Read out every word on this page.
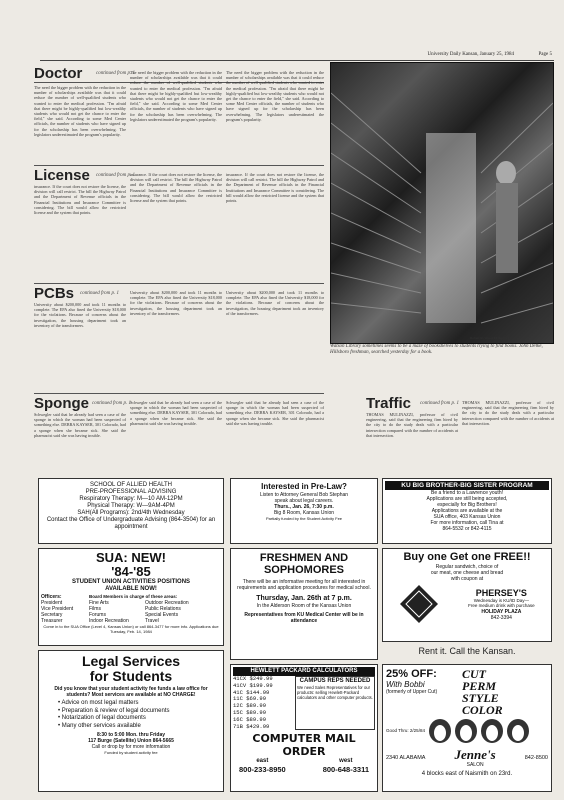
University Daily Kansan, January 25, 1984	Page 5
Doctor	continued from p. 1
The need the bigger problem with the reduction in the number of scholarships available was that it could reduce the number of well-qualified students who wanted to enter the medical profession. "I'm afraid that there might be highly-qualified but low-wealthy students who would not get the chance to enter the field," she said. According to some Med Center officials, the number of students who have signed up for the scholarship has been overwhelming. The legislators underestimated the program's popularity.
The need the bigger problem with the reduction in the number of scholarships available was that it could reduce the number of well-qualified students who wanted to enter the medical profession. "I'm afraid that there might be highly-qualified but low-wealthy students who would not get the chance to enter the field," she said. According to some Med Center officials, the number of students who have signed up for the scholarship has been overwhelming. The legislators underestimated the program's popularity.
The need the bigger problem with the reduction in the number of scholarships available was that it could reduce the number of well-qualified students who wanted to enter the medical profession. "I'm afraid that there might be highly-qualified but low-wealthy students who would not get the chance to enter the field," she said. According to some Med Center officials, the number of students who have signed up for the scholarship has been overwhelming. The legislators underestimated the program's popularity.
License continued from p. 1
insurance. If the court does not restore the license, the division will call restrict. The bill the Highway Patrol and the Department of Revenue officials in the Financial Institutions and Insurance Committee is considering. The bill would allow the restricted license and the system that points.
insurance. If the court does not restore the license, the division will call restrict. The bill the Highway Patrol and the Department of Revenue officials in the Financial Institutions and Insurance Committee is considering. The bill would allow the restricted license and the system that points.
insurance. If the court does not restore the license, the division will call restrict. The bill the Highway Patrol and the Department of Revenue officials in the Financial Institutions and Insurance Committee is considering. The bill would allow the restricted license and the system that points.
PCBs continued from p. 1
University about $200,000 and took 11 months to complete. The EPA also fined the University $18,000 for the violations. Because of concerns about the investigation, the housing department took an inventory of the transformers.
University about $200,000 and took 11 months to complete. The EPA also fined the University $18,000 for the violations. Because of concerns about the investigation, the housing department took an inventory of the transformers.
University about $200,000 and took 11 months to complete. The EPA also fined the University $18,000 for the violations. Because of concerns about the investigation, the housing department took an inventory of the transformers.
Robert R. Wood/UDKphoto
Watson Library sometimes seems to be a maze of bookshelves to students trying to find books. John Delke, Hillsboro freshman, searched yesterday for a book.
Sponge continued from p. 1
Schwegler said that he already had seen a case of the sponge in which the woman had been suspected of something else. DEBRA KAYSER, 301 Colorado, had a sponge when she became sick. She said the pharmacist said she was having trouble.
Schwegler said that he already had seen a case of the sponge in which the woman had been suspected of something else. DEBRA KAYSER, 301 Colorado, had a sponge when she became sick. She said the pharmacist said she was having trouble.
Schwegler said that he already had seen a case of the sponge in which the woman had been suspected of something else. DEBRA KAYSER, 301 Colorado, had a sponge when she became sick. She said the pharmacist said she was having trouble.
Traffic continued from p. 1
THOMAS MULINAZZI, professor of civil engineering, said that the engineering firm hired by the city to do the study deals with a particular intersection compared with the number of accidents at that intersection.
THOMAS MULINAZZI, professor of civil engineering, said that the engineering firm hired by the city to do the study deals with a particular intersection compared with the number of accidents at that intersection.
SCHOOL OF ALLIED HEALTH
PRE-PROFESSIONAL ADVISING
Respiratory Therapy: M—10 AM-12PM
Physical Therapy: W—9AM-4PM
SAH(All Programs): 2nd/4th Wednesday
Contact the Office of Undergraduate Advising (864-3504) for an appointment
Interested in Pre-Law?
Listen to Attorney General Bob Stephan
speak about legal careers.
Thurs., Jan. 26, 7:30 p.m.
Big 8 Room, Kansas Union
Partially funded by the Student Activity Fee
KU BIG BROTHER-BIG SISTER PROGRAM
Be a friend to a Lawrence youth!
Applications are still being accepted,
especially for Big Brothers!
Applications are available at the
SUA office, 403 Kansas Union
For more information, call Tina at
864-5532 or 842-4115
SUA: NEW!
'84-'85
STUDENT UNION ACTIVITIES POSITIONS
AVAILABLE NOW!
Officers:
President
Vice President
Secretary
Treasurer
Board Members in charge of these areas:
Fine Arts
Films
Forums
Indoor Recreation
Outdoor Recreation
Public Relations
Special Events
Travel
Come in to the SUA Office (Level 4, Kansas Union) or call 864-3477 for more info. Applications due Tuesday, Feb. 14, 1984
FRESHMEN AND
SOPHOMORES
There will be an informative meeting for all interested in requirements and application procedures for medical school.
Thursday, Jan. 26th at 7 p.m.
In the Alderson Room of the Kansas Union
Representatives from KU Medical Center will be in attendance
Buy one Get one FREE!!
Regular sandwich, choice of
our meat, one cheese and bread
with coupon at
PHERSEY'S
Wednesday is KU/ID Day—
Free medium drink with purchase
HOLIDAY PLAZA
842-3394
Rent it. Call the Kansan.
Legal Services
for Students
Did you know that your student activity fee funds a law office for students? Most services are available at NO CHARGE!
• Advice on most legal matters
• Preparation & review of legal documents
• Notarization of legal documents
• Many other services available
8:30 to 5:00 Mon. thru Friday
117 Burge (Satellite) Union 864-5665
Call or drop by for more information
Funded by student activity fee
HEWLETT PACKARD CALCULATORS
41CX $249.99
41CV $199.99
41C $144.99
11C $69.99
12C $89.99
15C $89.99
16C $89.99
71B $429.99
CAMPUS REPS NEEDED
We need Sales Representatives for our products: selling Hewlett-Packard calculators and other computer products.
COMPUTER MAIL ORDER
east
800-233-8950
west
800-648-3311
25% OFF:
With Bobbi
(formerly of Upper Cut)
CUT
PERM
STYLE
COLOR
Good Thru: 2/25/84
2340 ALABAMA Jenne's
SALON
842-8500
4 blocks east of Naismith on 23rd.
